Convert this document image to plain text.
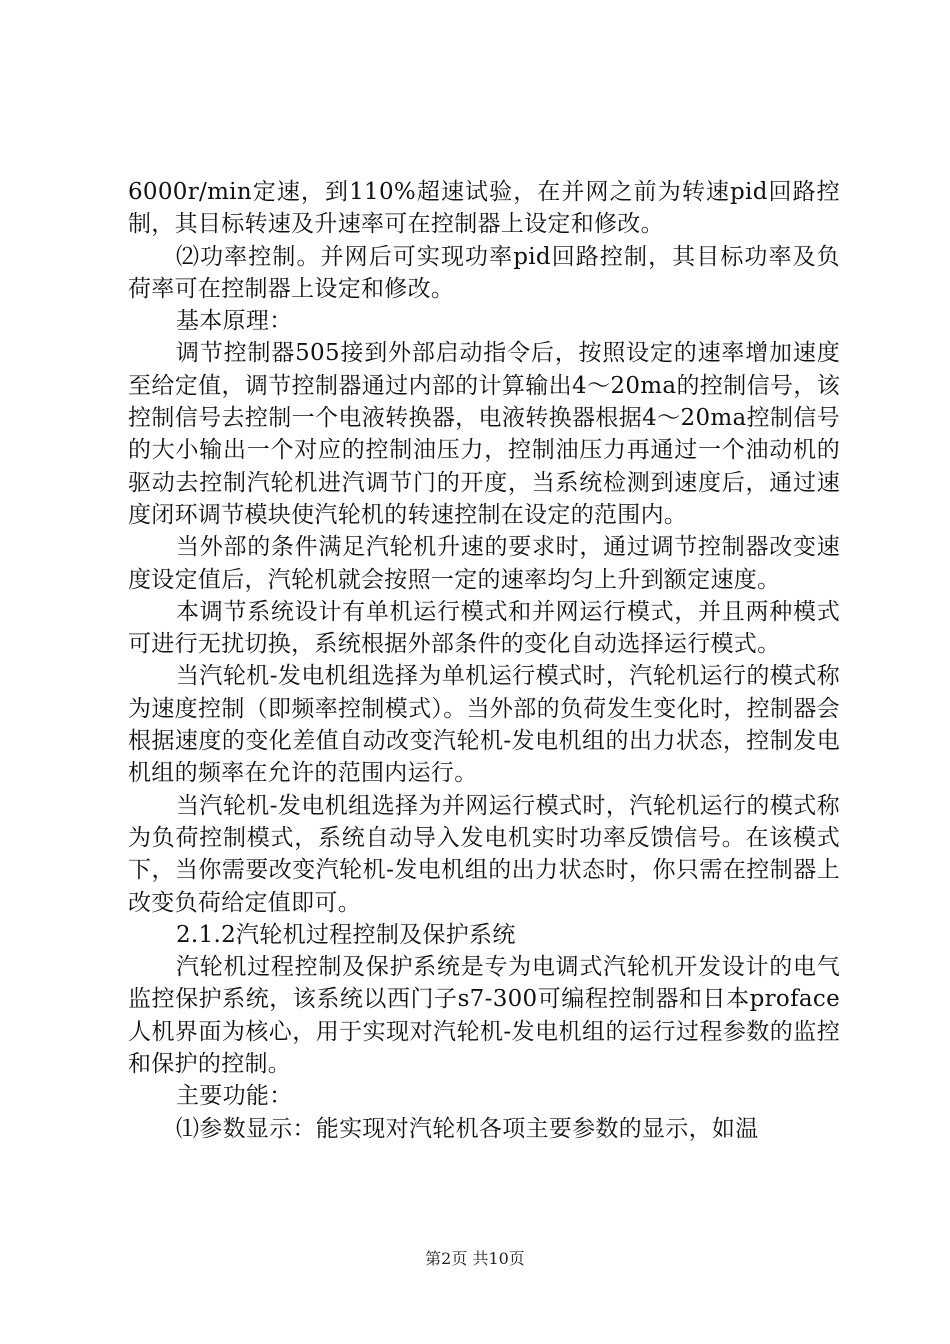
6000r/min定速，到110%超速试验，在并网之前为转速pid回路控制，其目标转速及升速率可在控制器上设定和修改。

⑵功率控制。并网后可实现功率pid回路控制，其目标功率及负荷率可在控制器上设定和修改。

基本原理：

调节控制器505接到外部启动指令后，按照设定的速率增加速度至给定值，调节控制器通过内部的计算输出4～20ma的控制信号，该控制信号去控制一个电液转换器，电液转换器根据4～20ma控制信号的大小输出一个对应的控制油压力，控制油压力再通过一个油动机的驱动去控制汽轮机进汽调节门的开度，当系统检测到速度后，通过速度闭环调节模块使汽轮机的转速控制在设定的范围内。

当外部的条件满足汽轮机升速的要求时，通过调节控制器改变速度设定值后，汽轮机就会按照一定的速率均匀上升到额定速度。

本调节系统设计有单机运行模式和并网运行模式，并且两种模式可进行无扰切换，系统根据外部条件的变化自动选择运行模式。

当汽轮机-发电机组选择为单机运行模式时，汽轮机运行的模式称为速度控制（即频率控制模式）。当外部的负荷发生变化时，控制器会根据速度的变化差值自动改变汽轮机-发电机组的出力状态，控制发电机组的频率在允许的范围内运行。

当汽轮机-发电机组选择为并网运行模式时，汽轮机运行的模式称为负荷控制模式，系统自动导入发电机实时功率反馈信号。在该模式下，当你需要改变汽轮机-发电机组的出力状态时，你只需在控制器上改变负荷给定值即可。

2.1.2汽轮机过程控制及保护系统

汽轮机过程控制及保护系统是专为电调式汽轮机开发设计的电气监控保护系统，该系统以西门子s7-300可编程控制器和日本proface人机界面为核心，用于实现对汽轮机-发电机组的运行过程参数的监控和保护的控制。

主要功能：

⑴参数显示：能实现对汽轮机各项主要参数的显示，如温

第2页 共10页
